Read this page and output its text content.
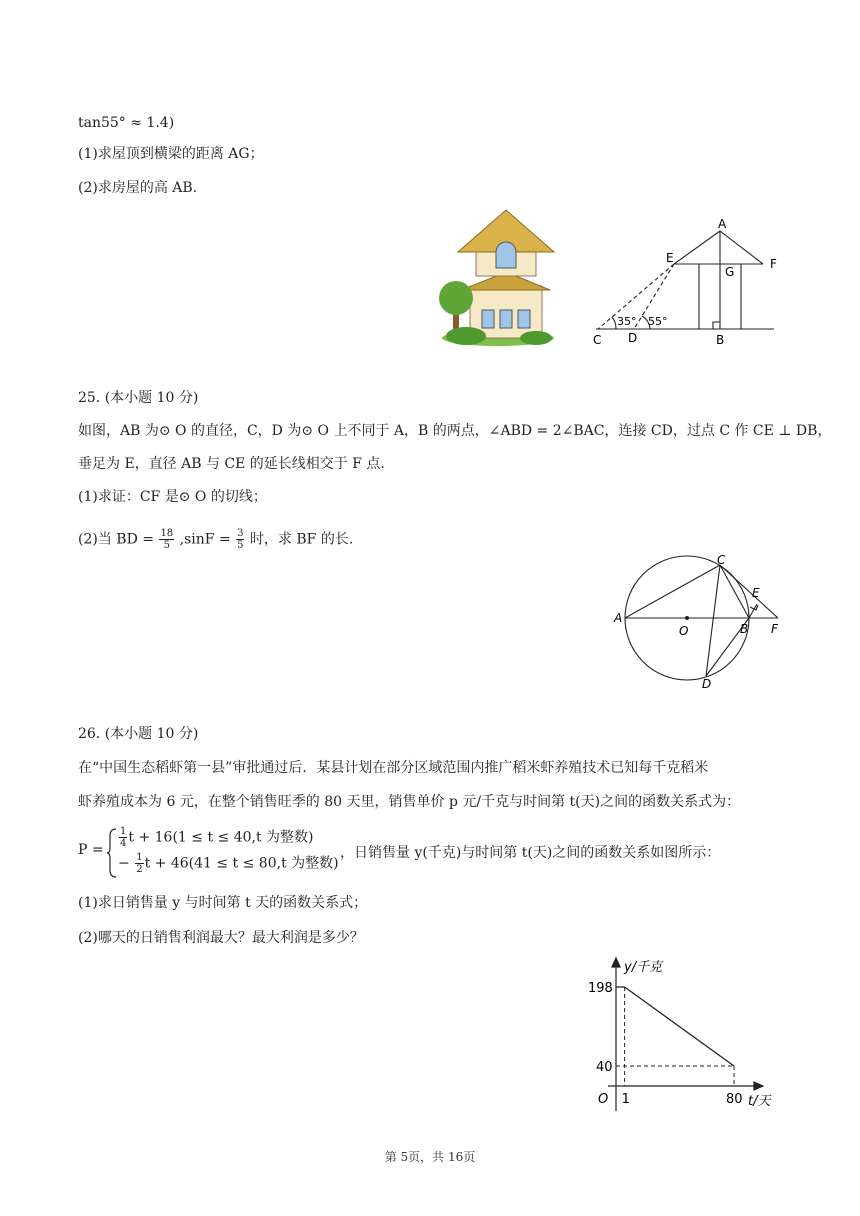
tan55° ≈ 1.4)
(1)求屋顶到横梁的距离 AG；
(2)求房屋的高 AB.
A
E
G
F
C D	B
35° 55°
25. (本小题 10 分)
如图，AB 为⊙ O 的直径，C，D 为⊙ O 上不同于 A，B 的两点，∠ABD = 2∠BAC，连接 CD，过点 C 作 CE ⊥ DB，
垂足为 E，直径 AB 与 CE 的延长线相交于 F 点.
(1)求证：CF 是⊙ O 的切线；
(2)当 BD = $\frac{18}{5} ,\sin F = \frac{3}{5}$ 时，求 BF 的长.
A
O	B
C
D
E
F
26. (本小题 10 分)
在“中国生态稻虾第一县”审批通过后．某县计划在部分区域范围内推广稻米虾养殖技术已知每千克稻米
虾养殖成本为 6 元，在整个销售旺季的 80 天里，销售单价 p 元/千克与时间第 t(天)之间的函数关系式为：
P =
$\frac{1}{4}$ t + 16(1 ≤ t ≤ 40,t 为整数)
− $\frac{1}{2}$ t + 46(41 ≤ t ≤ 80,t 为整数)
，日销售量 y(千克)与时间第 t(天)之间的函数关系如图所示：
(1)求日销售量 y 与时间第 t 天的函数关系式；
(2)哪天的日销售利润最大？最大利润是多少？
y/千克
t/天
O 1
198
80
40
第 5页，共 16页
